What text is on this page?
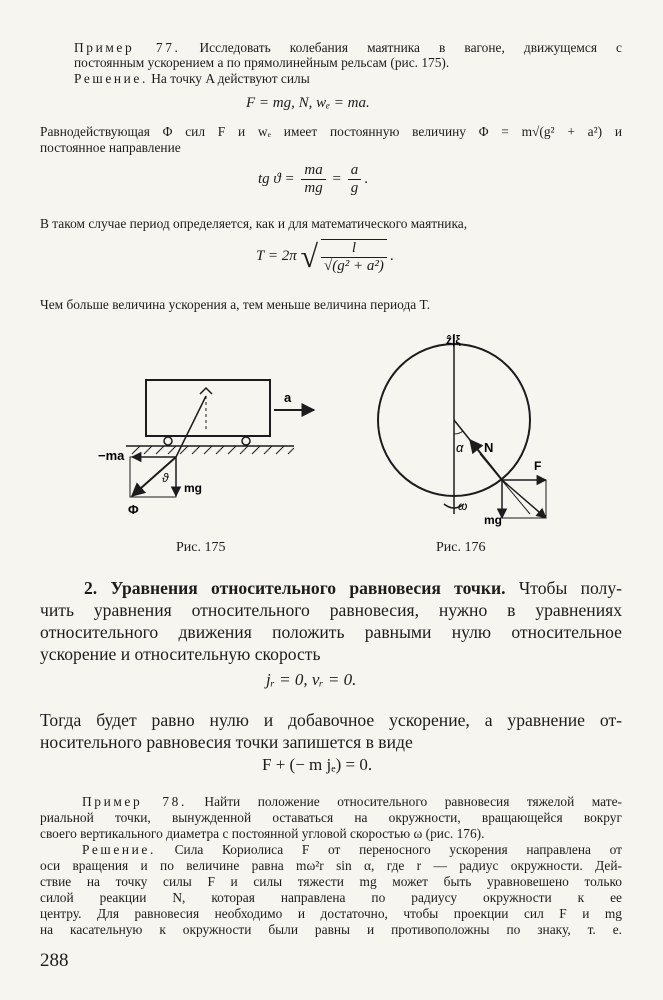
Пример 77. Исследовать колебания маятника в вагоне, движущемся с

постоянным ускорением a по прямолинейным рельсам (рис. 175).

Решение. На точку A действуют силы

F = mg, N, wₑ = ma.

Равнодействующая Φ сил F и wₑ имеет постоянную величину Φ = m√(g² + a²) и

постоянное направление

tg $ϑ = \frac{ma}{mg} = \frac{a}{g}$ .

В таком случае период определяется, как и для математического маятника,

T = 2π √ $\frac{l}{\text{√(g² + a²)}}$ .

Чем больше величина ускорения a, тем меньше величина периода T.

a
−ma
mg
ϑ
Φ
Рис. 175
ẑ|ξ
N
α
F
mg
ω
Рис. 176

2. Уравнения относительного равновесия точки. Чтобы полу-

чить уравнения относительного равновесия, нужно в уравнениях

относительного движения положить равными нулю относительное

ускорение и относительную скорость

jᵣ = 0, vᵣ = 0.

Тогда будет равно нулю и добавочное ускорение, а уравнение от-

носительного равновесия точки запишется в виде

F + (− m jₑ) = 0.

Пример 78. Найти положение относительного равновесия тяжелой мате-

риальной точки, вынужденной оставаться на окружности, вращающейся вокруг

своего вертикального диаметра с постоянной угловой скоростью ω (рис. 176).

Решение. Сила Кориолиса F от переносного ускорения направлена от

оси вращения и по величине равна mω²r sin α, где r — радиус окружности. Дей-

ствие на точку силы F и силы тяжести mg может быть уравновешено только

силой реакции N, которая направлена по радиусу окружности к ее

центру. Для равновесия необходимо и достаточно, чтобы проекции сил F и mg

на касательную к окружности были равны и противоположны по знаку, т. е.

288
